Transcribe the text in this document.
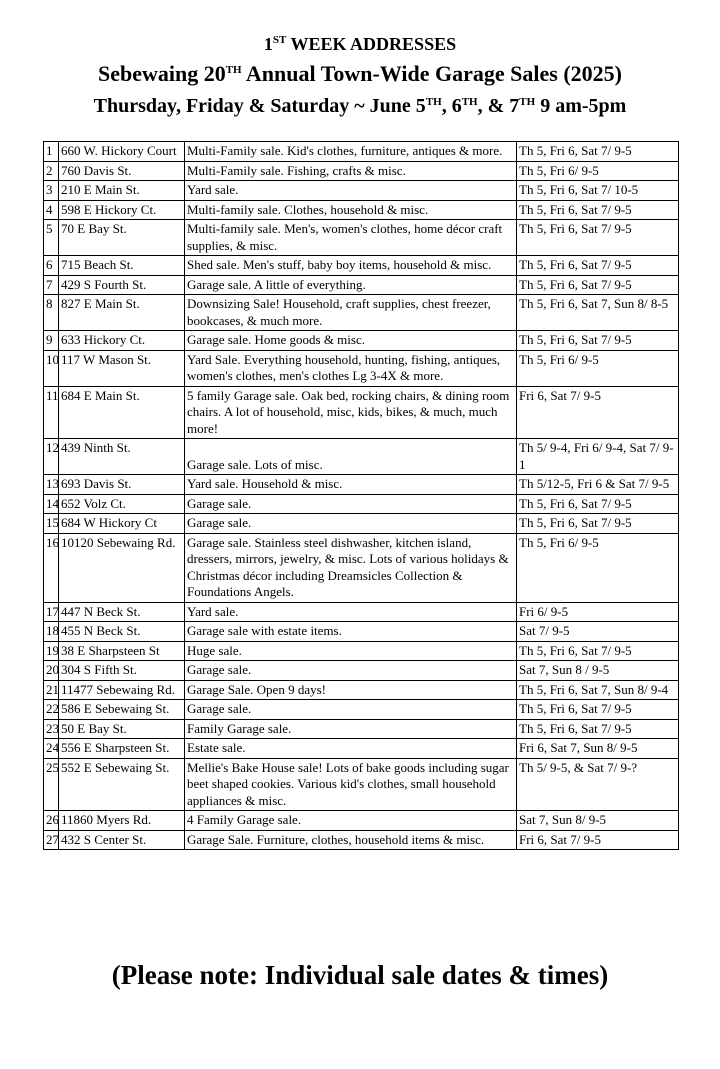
1ST WEEK ADDRESSES
Sebewaing 20TH Annual Town-Wide Garage Sales (2025)
Thursday, Friday & Saturday ~ June 5TH, 6TH, & 7TH 9 am-5pm
1	660 W. Hickory Court	Multi-Family sale. Kid's clothes, furniture, antiques & more.	Th 5, Fri 6, Sat 7/ 9-5
2	760 Davis St.	Multi-Family sale. Fishing, crafts & misc.	Th 5, Fri 6/ 9-5
3	210 E Main St.	Yard sale.	Th 5, Fri 6, Sat 7/ 10-5
4	598 E Hickory Ct.	Multi-family sale. Clothes, household & misc.	Th 5, Fri 6, Sat 7/ 9-5
5	70 E Bay St.	Multi-family sale. Men's, women's clothes, home décor craft supplies, & misc.	Th 5, Fri 6, Sat 7/ 9-5
6	715 Beach St.	Shed sale. Men's stuff, baby boy items, household & misc.	Th 5, Fri 6, Sat 7/ 9-5
7	429 S Fourth St.	Garage sale. A little of everything.	Th 5, Fri 6, Sat 7/ 9-5
8	827 E Main St.	Downsizing Sale! Household, craft supplies, chest freezer, bookcases, & much more.	Th 5, Fri 6, Sat 7, Sun 8/ 8-5
9	633 Hickory Ct.	Garage sale. Home goods & misc.	Th 5, Fri 6, Sat 7/ 9-5
10	117 W Mason St.	Yard Sale. Everything household, hunting, fishing, antiques, women's clothes, men's clothes Lg 3-4X & more.	Th 5, Fri 6/ 9-5
11	684 E Main St.	5 family Garage sale. Oak bed, rocking chairs, & dining room chairs. A lot of household, misc, kids, bikes, & much, much more!	Fri 6, Sat 7/ 9-5
12	439 Ninth St.	Garage sale. Lots of misc.	Th 5/ 9-4, Fri 6/ 9-4, Sat 7/ 9-1
13	693 Davis St.	Yard sale. Household & misc.	Th 5/12-5, Fri 6 & Sat 7/ 9-5
14	652 Volz Ct.	Garage sale.	Th 5, Fri 6, Sat 7/ 9-5
15	684 W Hickory Ct	Garage sale.	Th 5, Fri 6, Sat 7/ 9-5
16	10120 Sebewaing Rd.	Garage sale. Stainless steel dishwasher, kitchen island, dressers, mirrors, jewelry, & misc. Lots of various holidays & Christmas décor including Dreamsicles Collection & Foundations Angels.	Th 5, Fri 6/ 9-5
17	447 N Beck St.	Yard sale.	Fri 6/ 9-5
18	455 N Beck St.	Garage sale with estate items.	Sat 7/ 9-5
19	38 E Sharpsteen St	Huge sale.	Th 5, Fri 6, Sat 7/ 9-5
20	304 S Fifth St.	Garage sale.	Sat 7, Sun 8 / 9-5
21	11477 Sebewaing Rd.	Garage Sale. Open 9 days!	Th 5, Fri 6, Sat 7, Sun 8/ 9-4
22	586 E Sebewaing St.	Garage sale.	Th 5, Fri 6, Sat 7/ 9-5
23	50 E Bay St.	Family Garage sale.	Th 5, Fri 6, Sat 7/ 9-5
24	556 E Sharpsteen St.	Estate sale.	Fri 6, Sat 7, Sun 8/ 9-5
25	552 E Sebewaing St.	Mellie's Bake House sale! Lots of bake goods including sugar beet shaped cookies. Various kid's clothes, small household appliances & misc.	Th 5/ 9-5, & Sat 7/ 9-?
26	11860 Myers Rd.	4 Family Garage sale.	Sat 7, Sun 8/ 9-5
27	432 S Center St.	Garage Sale. Furniture, clothes, household items & misc.	Fri 6, Sat 7/ 9-5
(Please note: Individual sale dates & times)
